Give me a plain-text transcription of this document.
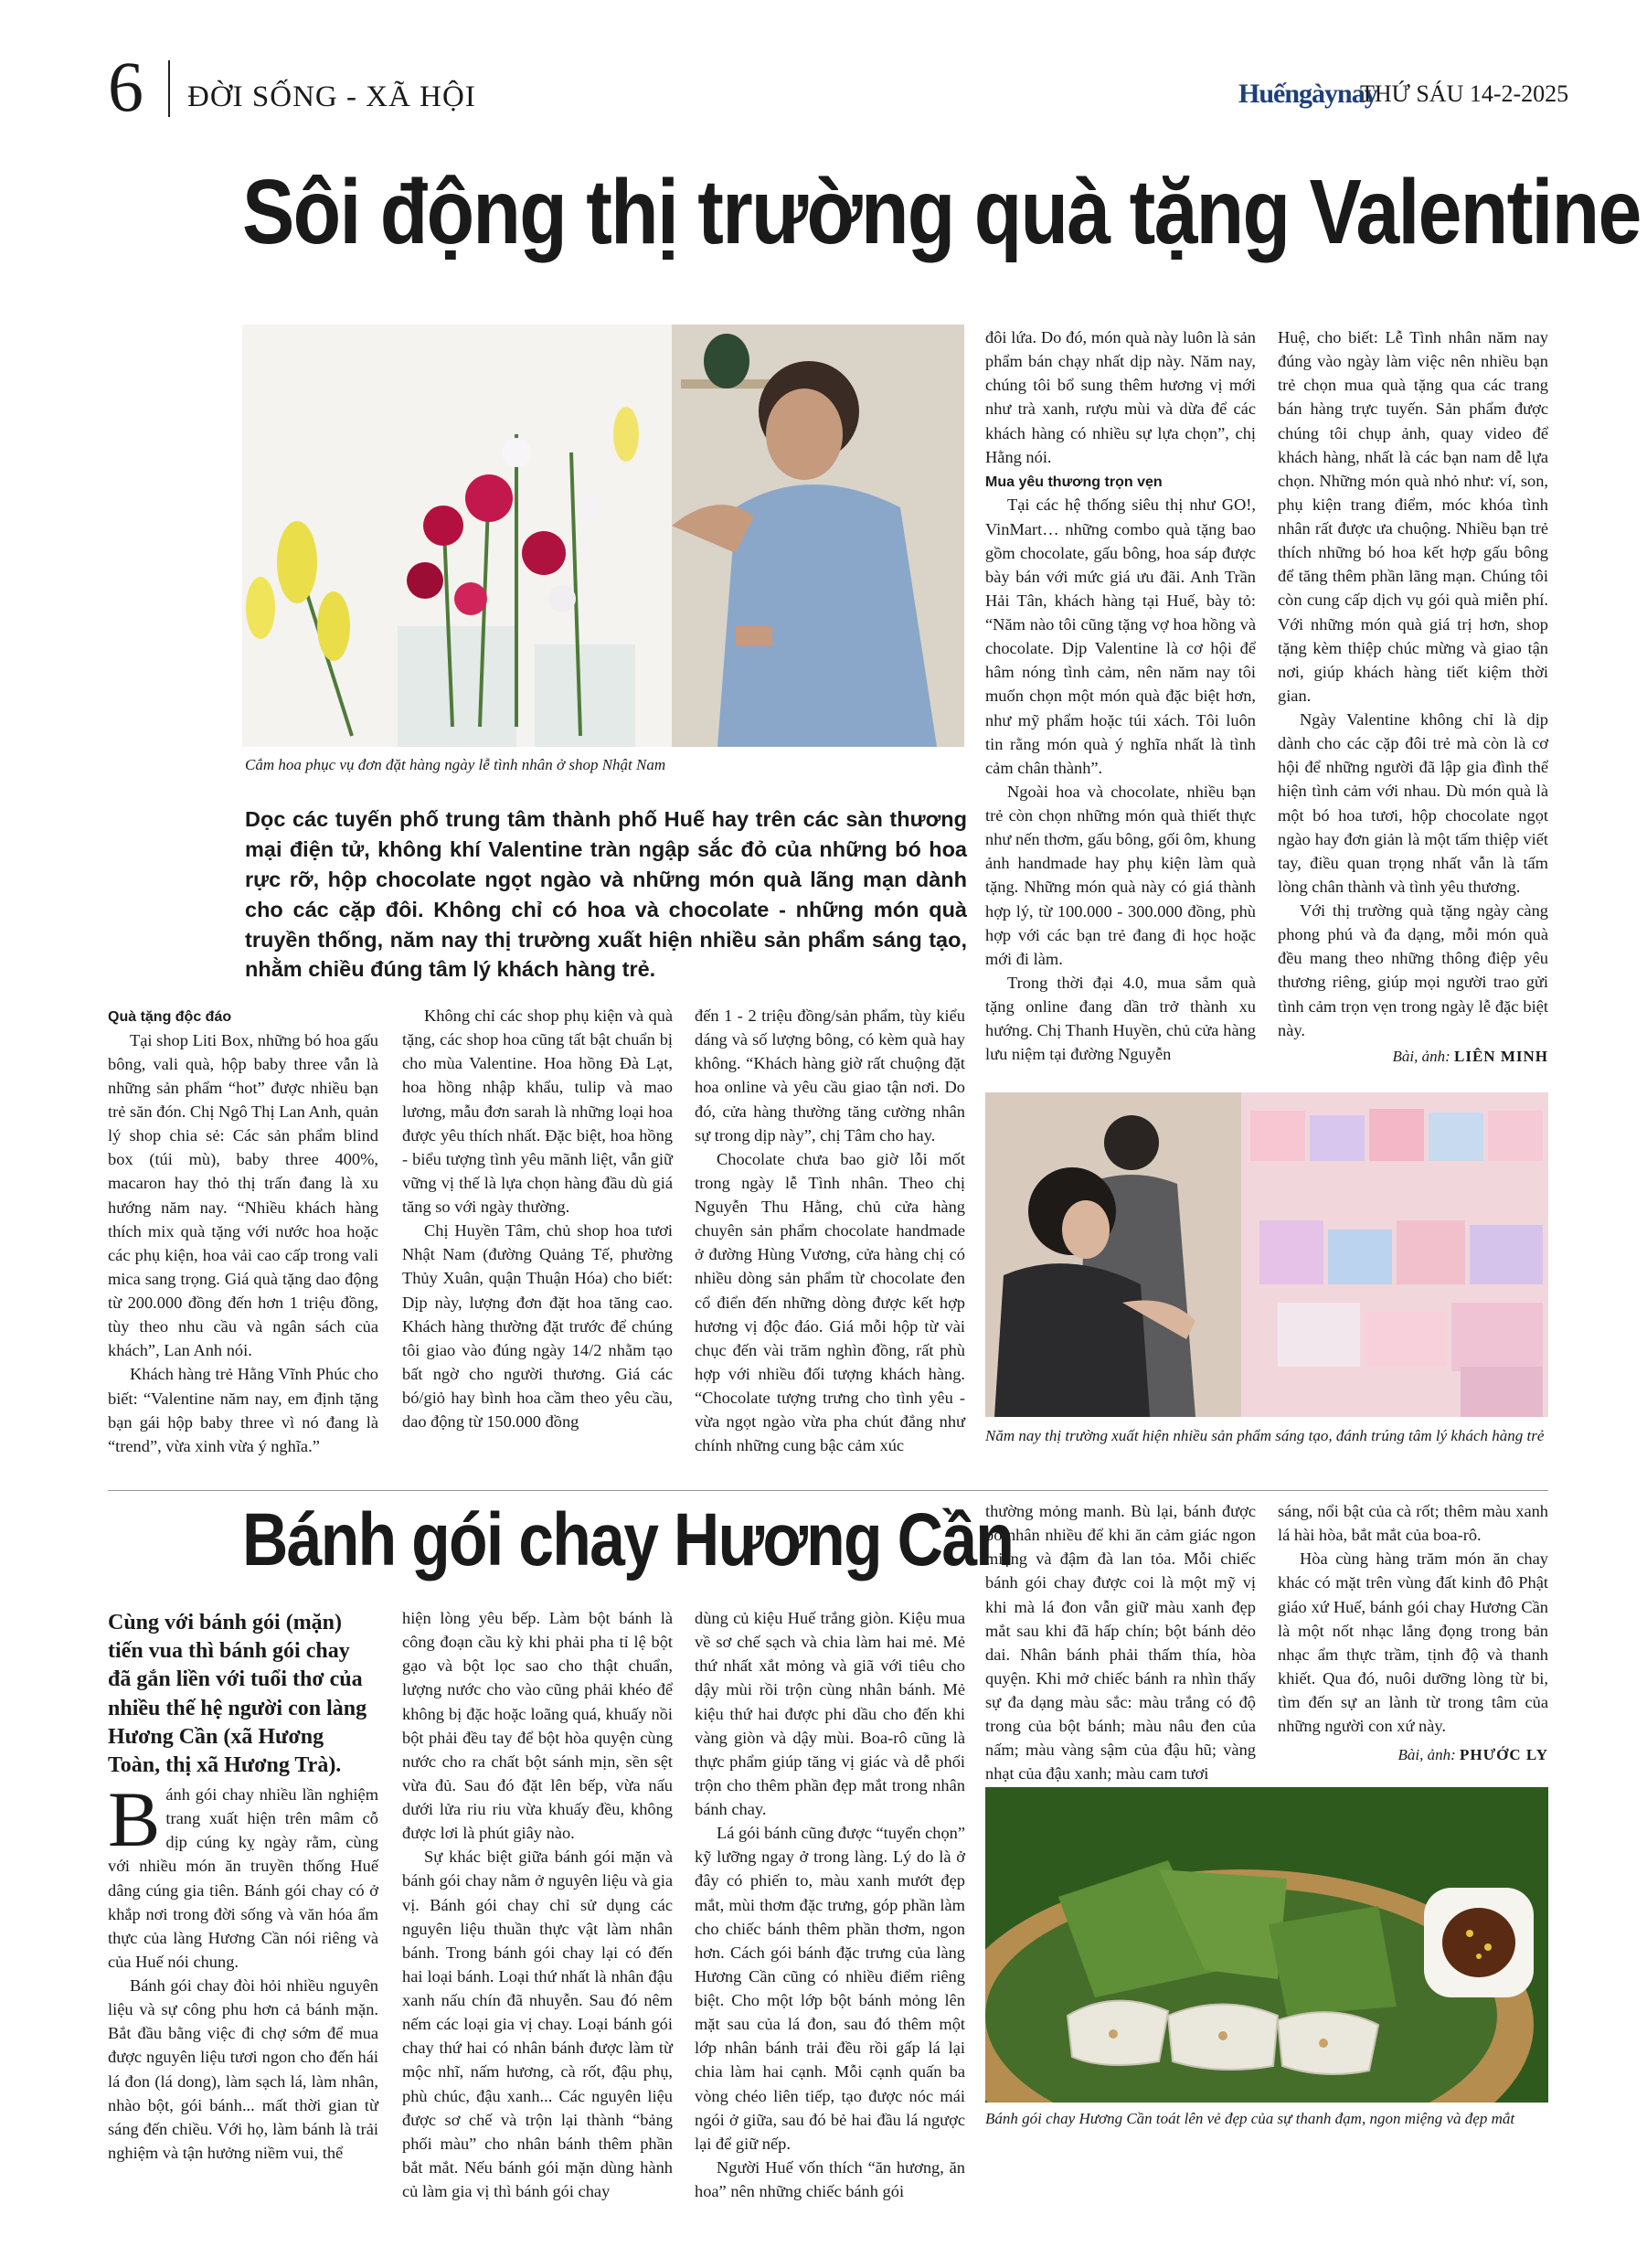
6 ĐỜI SỐNG - XÃ HỘI	Huếngàynay
THỨ SÁU 14-2-2025
Sôi động thị trường quà tặng Valentine
Cắm hoa phục vụ đơn đặt hàng ngày lễ tình nhân ở shop Nhật Nam
Dọc các tuyến phố trung tâm thành phố Huế hay trên các sàn thương mại điện tử, không khí Valentine tràn ngập sắc đỏ của những bó hoa rực rỡ, hộp chocolate ngọt ngào và những món quà lãng mạn dành cho các cặp đôi. Không chỉ có hoa và chocolate - những món quà truyền thống, năm nay thị trường xuất hiện nhiều sản phẩm sáng tạo, nhằm chiều đúng tâm lý khách hàng trẻ.

Quà tặng độc đáo

Tại shop Liti Box, những bó hoa gấu bông, vali quà, hộp baby three vẫn là những sản phẩm “hot” được nhiều bạn trẻ săn đón. Chị Ngô Thị Lan Anh, quản lý shop chia sẻ: Các sản phẩm blind box (túi mù), baby three 400%, macaron hay thỏ thị trấn đang là xu hướng năm nay. “Nhiều khách hàng thích mix quà tặng với nước hoa hoặc các phụ kiện, hoa vải cao cấp trong vali mica sang trọng. Giá quà tặng dao động từ 200.000 đồng đến hơn 1 triệu đồng, tùy theo nhu cầu và ngân sách của khách”, Lan Anh nói.

Khách hàng trẻ Hằng Vĩnh Phúc cho biết: “Valentine năm nay, em định tặng bạn gái hộp baby three vì nó đang là “trend”, vừa xinh vừa ý nghĩa.”

Không chỉ các shop phụ kiện và quà tặng, các shop hoa cũng tất bật chuẩn bị cho mùa Valentine. Hoa hồng Đà Lạt, hoa hồng nhập khẩu, tulip và mao lương, mẫu đơn sarah là những loại hoa được yêu thích nhất. Đặc biệt, hoa hồng - biểu tượng tình yêu mãnh liệt, vẫn giữ vững vị thế là lựa chọn hàng đầu dù giá tăng so với ngày thường.

Chị Huyền Tâm, chủ shop hoa tươi Nhật Nam (đường Quảng Tế, phường Thủy Xuân, quận Thuận Hóa) cho biết: Dịp này, lượng đơn đặt hoa tăng cao. Khách hàng thường đặt trước để chúng tôi giao vào đúng ngày 14/2 nhằm tạo bất ngờ cho người thương. Giá các bó/giỏ hay bình hoa cầm theo yêu cầu, dao động từ 150.000 đồng

đến 1 - 2 triệu đồng/sản phẩm, tùy kiểu dáng và số lượng bông, có kèm quà hay không. “Khách hàng giờ rất chuộng đặt hoa online và yêu cầu giao tận nơi. Do đó, cửa hàng thường tăng cường nhân sự trong dịp này”, chị Tâm cho hay.

Chocolate chưa bao giờ lỗi mốt trong ngày lễ Tình nhân. Theo chị Nguyễn Thu Hằng, chủ cửa hàng chuyên sản phẩm chocolate handmade ở đường Hùng Vương, cửa hàng chị có nhiều dòng sản phẩm từ chocolate đen cổ điển đến những dòng được kết hợp hương vị độc đáo. Giá mỗi hộp từ vài chục đến vài trăm nghìn đồng, rất phù hợp với nhiều đối tượng khách hàng. “Chocolate tượng trưng cho tình yêu - vừa ngọt ngào vừa pha chút đắng như chính những cung bậc cảm xúc

đôi lứa. Do đó, món quà này luôn là sản phẩm bán chạy nhất dịp này. Năm nay, chúng tôi bổ sung thêm hương vị mới như trà xanh, rượu mùi và dừa để các khách hàng có nhiều sự lựa chọn”, chị Hằng nói.

Mua yêu thương trọn vẹn

Tại các hệ thống siêu thị như GO!, VinMart… những combo quà tặng bao gồm chocolate, gấu bông, hoa sáp được bày bán với mức giá ưu đãi. Anh Trần Hải Tân, khách hàng tại Huế, bày tỏ: “Năm nào tôi cũng tặng vợ hoa hồng và chocolate. Dịp Valentine là cơ hội để hâm nóng tình cảm, nên năm nay tôi muốn chọn một món quà đặc biệt hơn, như mỹ phẩm hoặc túi xách. Tôi luôn tin rằng món quà ý nghĩa nhất là tình cảm chân thành”.

Ngoài hoa và chocolate, nhiều bạn trẻ còn chọn những món quà thiết thực như nến thơm, gấu bông, gối ôm, khung ảnh handmade hay phụ kiện làm quà tặng. Những món quà này có giá thành hợp lý, từ 100.000 - 300.000 đồng, phù hợp với các bạn trẻ đang đi học hoặc mới đi làm.

Trong thời đại 4.0, mua sắm quà tặng online đang dần trở thành xu hướng. Chị Thanh Huyền, chủ cửa hàng lưu niệm tại đường Nguyễn

Huệ, cho biết: Lễ Tình nhân năm nay đúng vào ngày làm việc nên nhiều bạn trẻ chọn mua quà tặng qua các trang bán hàng trực tuyến. Sản phẩm được chúng tôi chụp ảnh, quay video để khách hàng, nhất là các bạn nam dễ lựa chọn. Những món quà nhỏ như: ví, son, phụ kiện trang điểm, móc khóa tình nhân rất được ưa chuộng. Nhiều bạn trẻ thích những bó hoa kết hợp gấu bông để tăng thêm phần lãng mạn. Chúng tôi còn cung cấp dịch vụ gói quà miễn phí. Với những món quà giá trị hơn, shop tặng kèm thiệp chúc mừng và giao tận nơi, giúp khách hàng tiết kiệm thời gian.

Ngày Valentine không chỉ là dịp dành cho các cặp đôi trẻ mà còn là cơ hội để những người đã lập gia đình thể hiện tình cảm với nhau. Dù món quà là một bó hoa tươi, hộp chocolate ngọt ngào hay đơn giản là một tấm thiệp viết tay, điều quan trọng nhất vẫn là tấm lòng chân thành và tình yêu thương.

Với thị trường quà tặng ngày càng phong phú và đa dạng, mỗi món quà đều mang theo những thông điệp yêu thương riêng, giúp mọi người trao gửi tình cảm trọn vẹn trong ngày lễ đặc biệt này.

Bài, ảnh: LIÊN MINH
Năm nay thị trường xuất hiện nhiều sản phẩm sáng tạo, đánh trúng tâm lý khách hàng trẻ
Bánh gói chay Hương Cần
Cùng với bánh gói (mặn) tiến vua thì bánh gói chay đã gắn liền với tuổi thơ của nhiều thế hệ người con làng Hương Cần (xã Hương Toàn, thị xã Hương Trà).

Bánh gói chay nhiều lần nghiệm trang xuất hiện trên mâm cỗ dịp cúng kỵ ngày rằm, cùng với nhiều món ăn truyền thống Huế dâng cúng gia tiên. Bánh gói chay có ở khắp nơi trong đời sống và văn hóa ẩm thực của làng Hương Cần nói riêng và của Huế nói chung.

Bánh gói chay đòi hỏi nhiều nguyên liệu và sự công phu hơn cả bánh mặn. Bắt đầu bằng việc đi chợ sớm để mua được nguyên liệu tươi ngon cho đến hái lá đon (lá dong), làm sạch lá, làm nhân, nhào bột, gói bánh... mất thời gian từ sáng đến chiều. Với họ, làm bánh là trải nghiệm và tận hưởng niềm vui, thể

hiện lòng yêu bếp. Làm bột bánh là công đoạn cầu kỳ khi phải pha tỉ lệ bột gạo và bột lọc sao cho thật chuẩn, lượng nước cho vào cũng phải khéo để không bị đặc hoặc loãng quá, khuấy nồi bột phải đều tay để bột hòa quyện cùng nước cho ra chất bột sánh mịn, sền sệt vừa đủ. Sau đó đặt lên bếp, vừa nấu dưới lửa riu riu vừa khuấy đều, không được lơi là phút giây nào.

Sự khác biệt giữa bánh gói mặn và bánh gói chay nằm ở nguyên liệu và gia vị. Bánh gói chay chỉ sử dụng các nguyên liệu thuần thực vật làm nhân bánh. Trong bánh gói chay lại có đến hai loại bánh. Loại thứ nhất là nhân đậu xanh nấu chín đã nhuyễn. Sau đó nêm nếm các loại gia vị chay. Loại bánh gói chay thứ hai có nhân bánh được làm từ mộc nhĩ, nấm hương, cà rốt, đậu phụ, phù chúc, đậu xanh... Các nguyên liệu được sơ chế và trộn lại thành “bảng phối màu” cho nhân bánh thêm phần bắt mắt. Nếu bánh gói mặn dùng hành củ làm gia vị thì bánh gói chay

dùng củ kiệu Huế trắng giòn. Kiệu mua về sơ chế sạch và chia làm hai mẻ. Mẻ thứ nhất xắt mỏng và giã với tiêu cho dậy mùi rồi trộn cùng nhân bánh. Mẻ kiệu thứ hai được phi dầu cho đến khi vàng giòn và dậy mùi. Boa-rô cũng là thực phẩm giúp tăng vị giác và dễ phối trộn cho thêm phần đẹp mắt trong nhân bánh chay.

Lá gói bánh cũng được “tuyển chọn” kỹ lưỡng ngay ở trong làng. Lý do là ở đây có phiến to, màu xanh mướt đẹp mắt, mùi thơm đặc trưng, góp phần làm cho chiếc bánh thêm phần thơm, ngon hơn. Cách gói bánh đặc trưng của làng Hương Cần cũng có nhiều điểm riêng biệt. Cho một lớp bột bánh mỏng lên mặt sau của lá đon, sau đó thêm một lớp nhân bánh trải đều rồi gấp lá lại chia làm hai cạnh. Mỗi cạnh quấn ba vòng chéo liên tiếp, tạo được nóc mái ngói ở giữa, sau đó bẻ hai đầu lá ngược lại để giữ nếp.

Người Huế vốn thích “ăn hương, ăn hoa” nên những chiếc bánh gói

thường mỏng manh. Bù lại, bánh được bỏ nhân nhiều để khi ăn cảm giác ngon miệng và đậm đà lan tỏa. Mỗi chiếc bánh gói chay được coi là một mỹ vị khi mà lá đon vẫn giữ màu xanh đẹp mắt sau khi đã hấp chín; bột bánh dẻo dai. Nhân bánh phải thấm thía, hòa quyện. Khi mở chiếc bánh ra nhìn thấy sự đa dạng màu sắc: màu trắng có độ trong của bột bánh; màu nâu đen của nấm; màu vàng sậm của đậu hũ; vàng nhạt của đậu xanh; màu cam tươi

sáng, nổi bật của cà rốt; thêm màu xanh lá hài hòa, bắt mắt của boa-rô.

Hòa cùng hàng trăm món ăn chay khác có mặt trên vùng đất kinh đô Phật giáo xứ Huế, bánh gói chay Hương Cần là một nốt nhạc lắng đọng trong bản nhạc ẩm thực trầm, tịnh độ và thanh khiết. Qua đó, nuôi dưỡng lòng từ bi, tìm đến sự an lành từ trong tâm của những người con xứ này.

Bài, ảnh: PHƯỚC LY
Bánh gói chay Hương Cần toát lên vẻ đẹp của sự thanh đạm, ngon miệng và đẹp mắt
